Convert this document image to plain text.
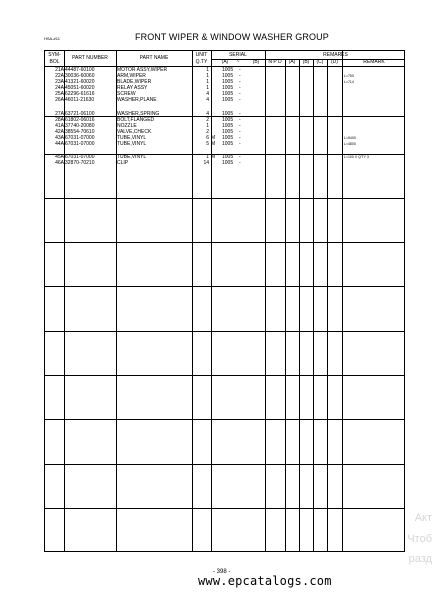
HSA-#11	FRONT WIPER & WINDOW WASHER GROUP
SYM-
BOL
PART NUMBER	PART NAME	UNIT
Q.TY
SERIAL
(A)	~	(B)
REMARKS
N P D	(A)	(B)	(C)	(D)	REMARK
21A 44487-60100	MOTOR ASSY,WIPER	1	1005 -
22A 30036-60060	ARM,WIPER	1	1005 -	L=750
23A 41321-60020	BLADE,WIPER	1	1005 -	L=714
24A 45051-60020	RELAY ASSY	1	1005 -
25A 62296-61616	SCREW	4	1005 -
26A 46011-21630	WASHER,PLANE	4	1005 -
27A 63721-06100	WASHER,SPRING	4	1005 -
28A 61802-06016	BOLT,FLANGED	2	1005 -
41A 37740-20080	NOZZLE	1	1005 -
42A 38554-70610	VALVE,CHECK	2	1005 -
43A 67031-07000	TUBE,VINYL	6 M 1005 -	L=5400
44A 67031-07000	TUBE,VINYL	5 M 1005 -	L=4800
45A 67031-07000	TUBE,VINYL	1 M 1005 -	L=100 X Q'TY 3
46A 32870-70210	CLIP	14	1005 -
- 398 -
www.epcatalogs.com
Акт
Чтоб
разд
